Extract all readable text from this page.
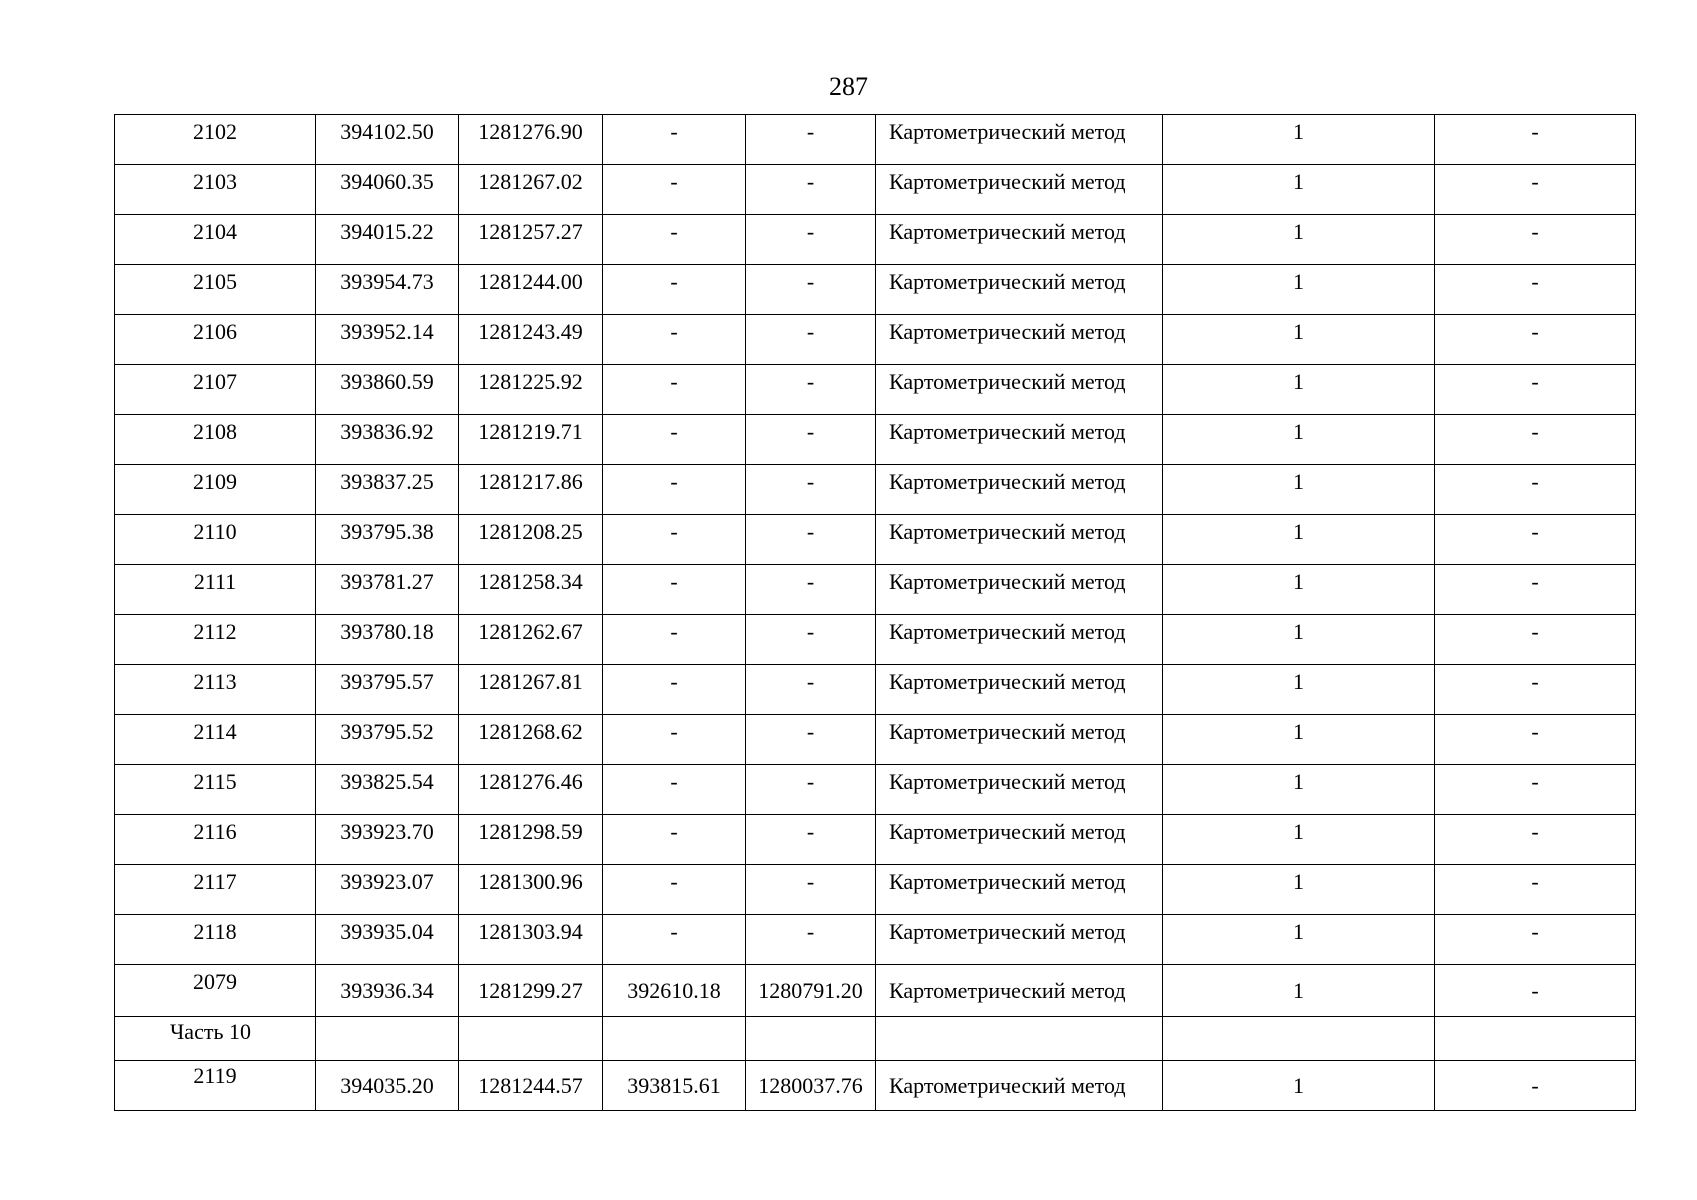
287
2102	394102.50	1281276.90	-	-	Картометрический метод	1	-
2103	394060.35	1281267.02	-	-	Картометрический метод	1	-
2104	394015.22	1281257.27	-	-	Картометрический метод	1	-
2105	393954.73	1281244.00	-	-	Картометрический метод	1	-
2106	393952.14	1281243.49	-	-	Картометрический метод	1	-
2107	393860.59	1281225.92	-	-	Картометрический метод	1	-
2108	393836.92	1281219.71	-	-	Картометрический метод	1	-
2109	393837.25	1281217.86	-	-	Картометрический метод	1	-
2110	393795.38	1281208.25	-	-	Картометрический метод	1	-
2111	393781.27	1281258.34	-	-	Картометрический метод	1	-
2112	393780.18	1281262.67	-	-	Картометрический метод	1	-
2113	393795.57	1281267.81	-	-	Картометрический метод	1	-
2114	393795.52	1281268.62	-	-	Картометрический метод	1	-
2115	393825.54	1281276.46	-	-	Картометрический метод	1	-
2116	393923.70	1281298.59	-	-	Картометрический метод	1	-
2117	393923.07	1281300.96	-	-	Картометрический метод	1	-
2118	393935.04	1281303.94	-	-	Картометрический метод	1	-
2079	393936.34	1281299.27	392610.18	1280791.20	Картометрический метод	1	-
Часть 10							
2119	394035.20	1281244.57	393815.61	1280037.76	Картометрический метод	1	-
